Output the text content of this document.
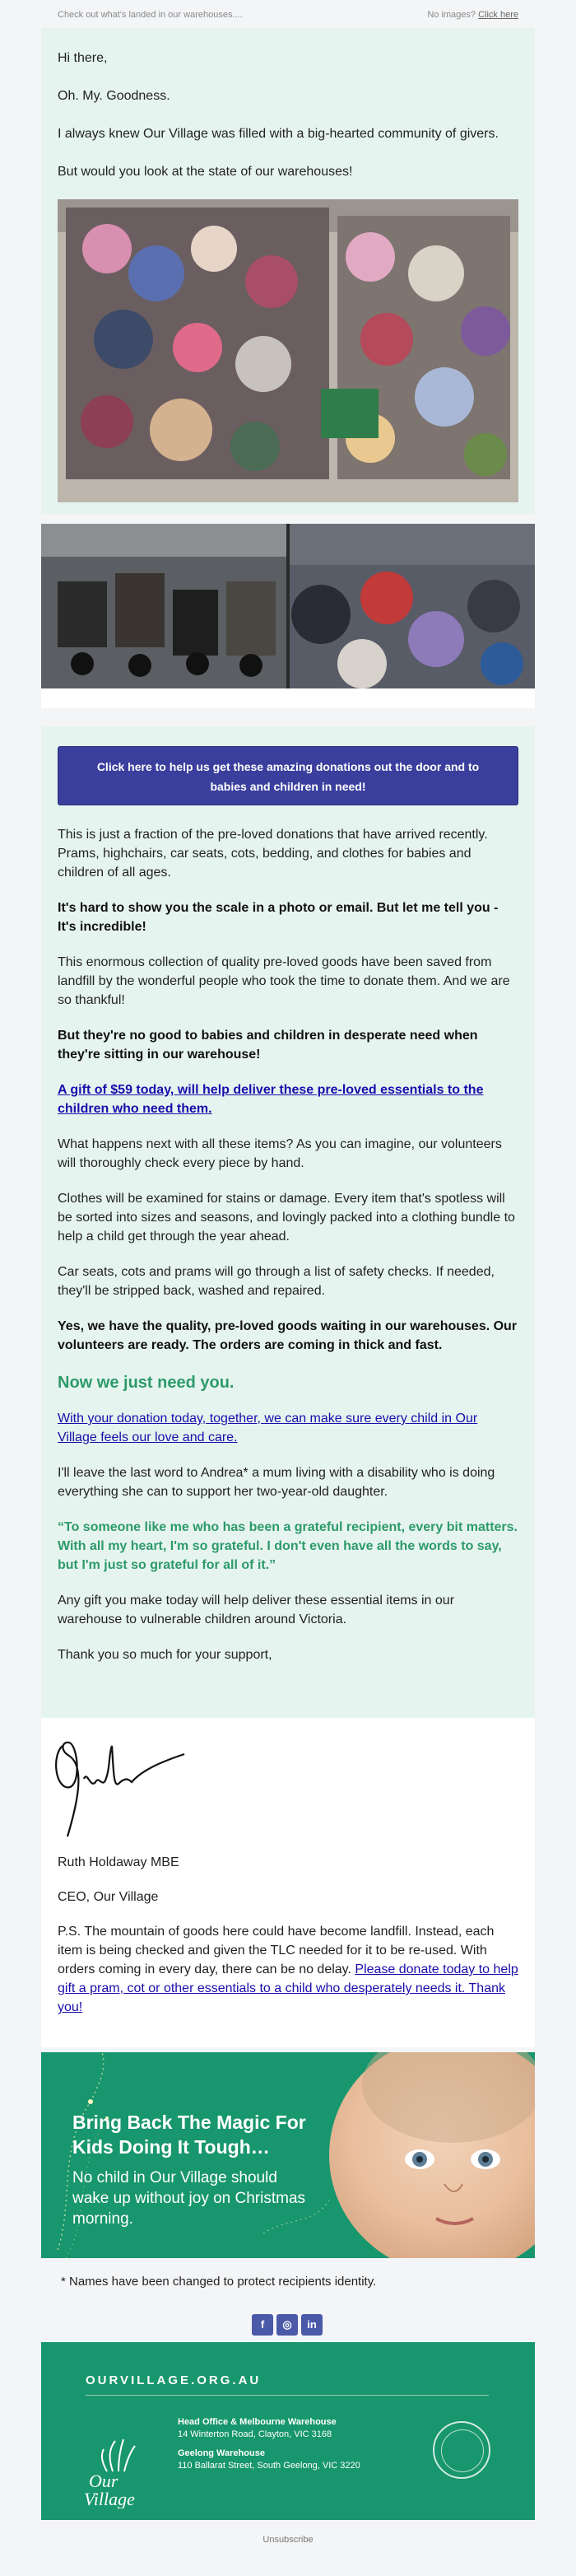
Check out what's landed in our warehouses....	No images? Click here

Hi there,

Oh. My. Goodness.

I always knew Our Village was filled with a big-hearted community of givers.

But would you look at the state of our warehouses!

Click here to help us get these amazing donations out the door and to
babies and children in need!

This is just a fraction of the pre-loved donations that have arrived recently. Prams, highchairs, car seats, cots, bedding, and clothes for babies and children of all ages.

It's hard to show you the scale in a photo or email. But let me tell you - It's incredible!

This enormous collection of quality pre-loved goods have been saved from landfill by the wonderful people who took the time to donate them. And we are so thankful!

But they're no good to babies and children in desperate need when they're sitting in our warehouse!

A gift of $59 today, will help deliver these pre-loved essentials to the children who need them.

What happens next with all these items? As you can imagine, our volunteers will thoroughly check every piece by hand.

Clothes will be examined for stains or damage. Every item that's spotless will be sorted into sizes and seasons, and lovingly packed into a clothing bundle to help a child get through the year ahead.

Car seats, cots and prams will go through a list of safety checks. If needed, they'll be stripped back, washed and repaired.

Yes, we have the quality, pre-loved goods waiting in our warehouses. Our volunteers are ready. The orders are coming in thick and fast.

Now we just need you.

With your donation today, together, we can make sure every child in Our Village feels our love and care.

I'll leave the last word to Andrea* a mum living with a disability who is doing everything she can to support her two-year-old daughter.

“To someone like me who has been a grateful recipient, every bit matters. With all my heart, I'm so grateful. I don't even have all the words to say, but I'm just so grateful for all of it.”

Any gift you make today will help deliver these essential items in our warehouse to vulnerable children around Victoria.

Thank you so much for your support,

Ruth Holdaway MBE

CEO, Our Village

P.S. The mountain of goods here could have become landfill. Instead, each item is being checked and given the TLC needed for it to be re-used. With orders coming in every day, there can be no delay. Please donate today to help gift a pram, cot or other essentials to a child who desperately needs it. Thank you!

Bring Back The Magic For Kids Doing It Tough…
No child in Our Village should wake up without joy on Christmas morning.

* Names have been changed to protect recipients identity.

f	◎	in
OURVILLAGE.ORG.AU
Our
Village
Head Office & Melbourne Warehouse
14 Winterton Road, Clayton, VIC 3168
Geelong Warehouse
110 Ballarat Street, South Geelong, VIC 3220
Unsubscribe
